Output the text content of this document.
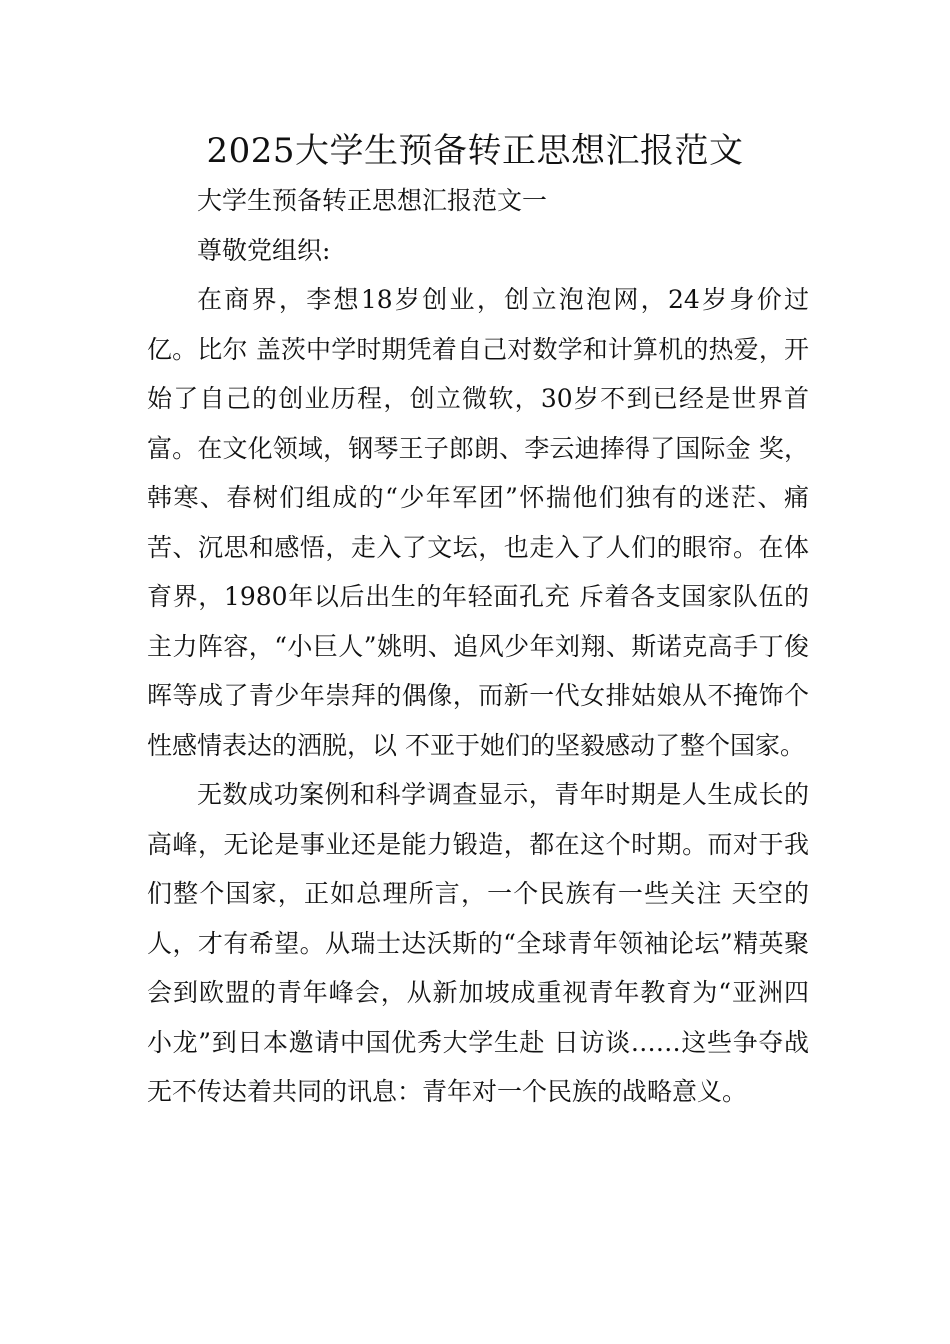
2025大学生预备转正思想汇报范文

大学生预备转正思想汇报范文一

尊敬党组织:

在商界，李想18岁创业，创立泡泡网，24岁身价过亿。比尔 盖茨中学时期凭着自己对数学和计算机的热爱，开始了自己的创业历程，创立微软，30岁不到已经是世界首富。在文化领域，钢琴王子郎朗、李云迪捧得了国际金 奖，韩寒、春树们组成的“少年军团”怀揣他们独有的迷茫、痛苦、沉思和感悟，走入了文坛，也走入了人们的眼帘。在体育界，1980年以后出生的年轻面孔充 斥着各支国家队伍的主力阵容，“小巨人”姚明、追风少年刘翔、斯诺克高手丁俊晖等成了青少年崇拜的偶像，而新一代女排姑娘从不掩饰个性感情表达的洒脱，以 不亚于她们的坚毅感动了整个国家。

无数成功案例和科学调查显示，青年时期是人生成长的高峰，无论是事业还是能力锻造，都在这个时期。而对于我们整个国家，正如总理所言，一个民族有一些关注 天空的人，才有希望。从瑞士达沃斯的“全球青年领袖论坛”精英聚会到欧盟的青年峰会，从新加坡成重视青年教育为“亚洲四小龙”到日本邀请中国优秀大学生赴 日访谈……这些争夺战无不传达着共同的讯息：青年对一个民族的战略意义。
